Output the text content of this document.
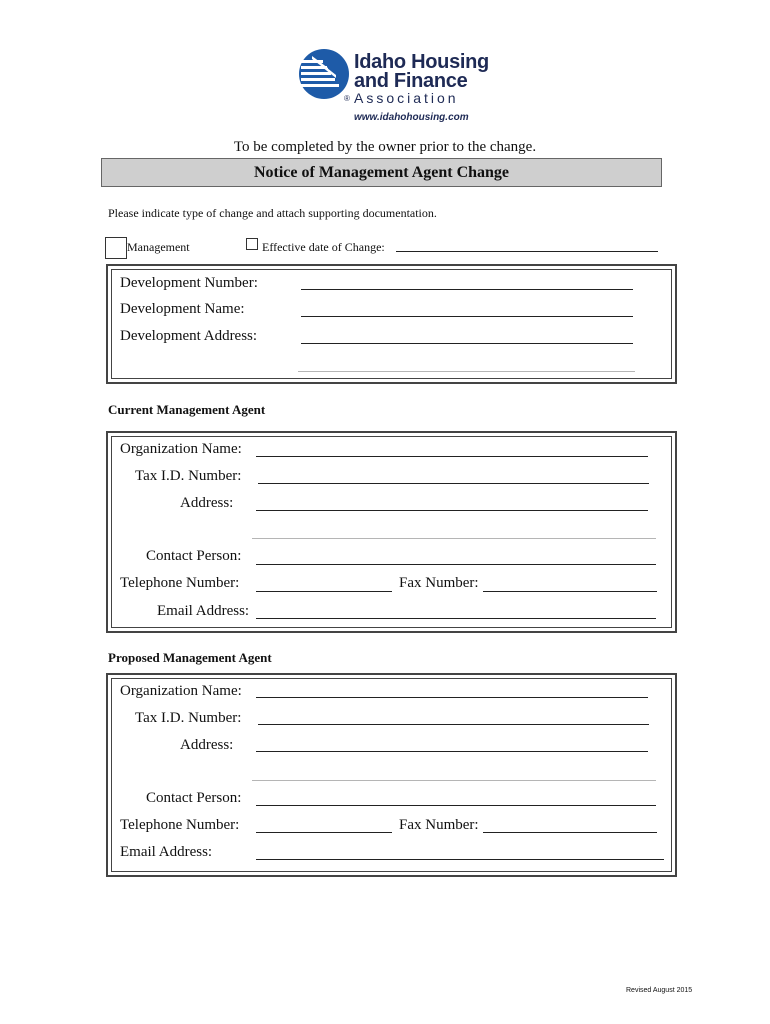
Idaho Housing
and Finance
® Association
www.idahohousing.com
To be completed by the owner prior to the change.
Notice of Management Agent Change
Please indicate type of change and attach supporting documentation.
Management	Effective date of Change:
Development Number:
Development Name:
Development Address:
Current Management Agent
Organization Name:
Tax I.D. Number:
Address:
Contact Person:
Telephone Number:	Fax Number:
Email Address:
Proposed Management Agent
Organization Name:
Tax I.D. Number:
Address:
Contact Person:
Telephone Number:	Fax Number:
Email Address:
Revised August 2015
